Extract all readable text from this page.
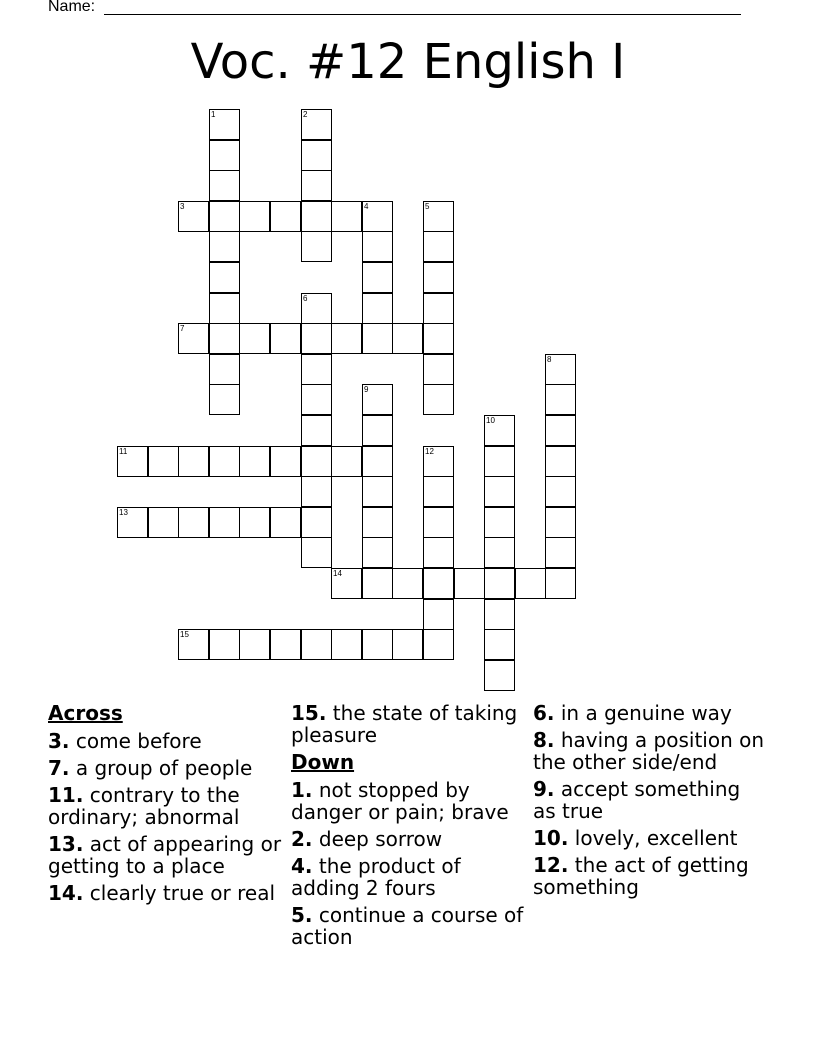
Name:
Voc. #12 English I
1	2
3	4	5
6
7
8
9
10
11	12
13
14
15
Across
3. come before
7. a group of people
11. contrary to the ordinary; abnormal
13. act of appearing or getting to a place
14. clearly true or real
15. the state of taking pleasure
Down
1. not stopped by danger or pain; brave
2. deep sorrow
4. the product of adding 2 fours
5. continue a course of action
6. in a genuine way
8. having a position on the other side/end
9. accept something as true
10. lovely, excellent
12. the act of getting something
